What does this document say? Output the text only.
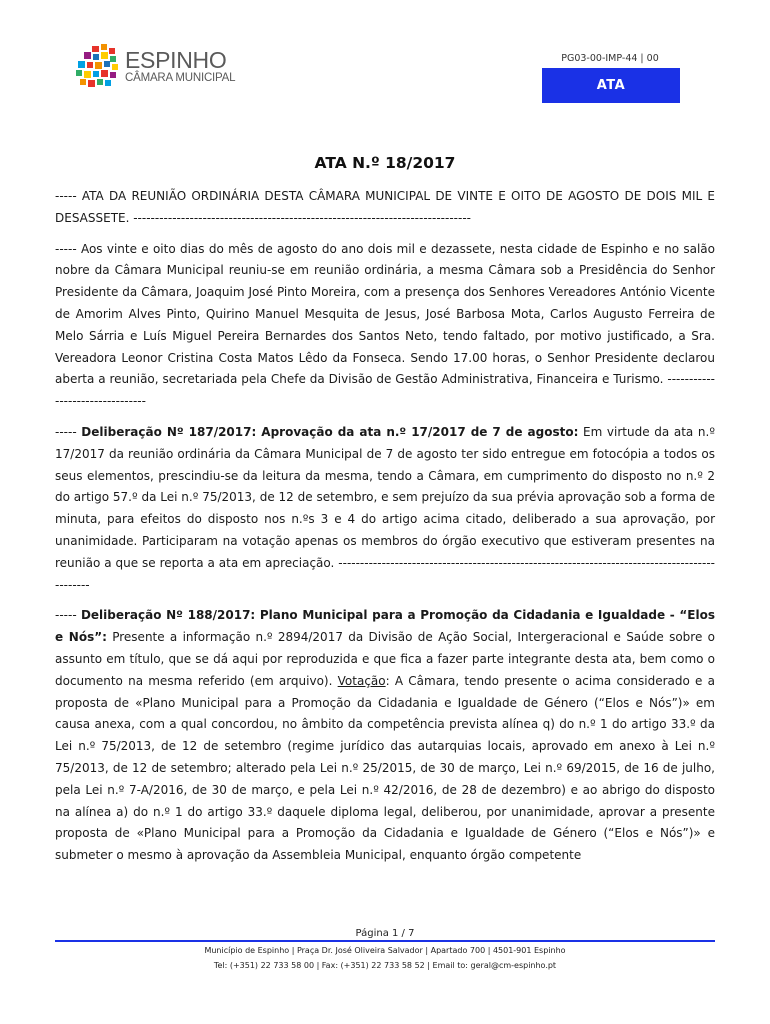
ESPINHO
CÂMARA MUNICIPAL
PG03-00-IMP-44 | 00
ATA
ATA N.º 18/2017

----- ATA DA REUNIÃO ORDINÁRIA DESTA CÂMARA MUNICIPAL DE VINTE E OITO DE AGOSTO DE DOIS MIL E DESASSETE. ------------------------------------------------------------------------------

----- Aos vinte e oito dias do mês de agosto do ano dois mil e dezassete, nesta cidade de Espinho e no salão nobre da Câmara Municipal reuniu-se em reunião ordinária, a mesma Câmara sob a Presidência do Senhor Presidente da Câmara, Joaquim José Pinto Moreira, com a presença dos Senhores Vereadores António Vicente de Amorim Alves Pinto, Quirino Manuel Mesquita de Jesus, José Barbosa Mota, Carlos Augusto Ferreira de Melo Sárria e Luís Miguel Pereira Bernardes dos Santos Neto, tendo faltado, por motivo justificado, a Sra. Vereadora Leonor Cristina Costa Matos Lêdo da Fonseca. Sendo 17.00 horas, o Senhor Presidente declarou aberta a reunião, secretariada pela Chefe da Divisão de Gestão Administrativa, Financeira e Turismo. --------------------------------

----- Deliberação Nº 187/2017: Aprovação da ata n.º 17/2017 de 7 de agosto: Em virtude da ata n.º 17/2017 da reunião ordinária da Câmara Municipal de 7 de agosto ter sido entregue em fotocópia a todos os seus elementos, prescindiu-se da leitura da mesma, tendo a Câmara, em cumprimento do disposto no n.º 2 do artigo 57.º da Lei n.º 75/2013, de 12 de setembro, e sem prejuízo da sua prévia aprovação sob a forma de minuta, para efeitos do disposto nos n.ºs 3 e 4 do artigo acima citado, deliberado a sua aprovação, por unanimidade. Participaram na votação apenas os membros do órgão executivo que estiveram presentes na reunião a que se reporta a ata em apreciação. -----------------------------------------------------------------------------------------------

----- Deliberação Nº 188/2017: Plano Municipal para a Promoção da Cidadania e Igualdade - “Elos e Nós”: Presente a informação n.º 2894/2017 da Divisão de Ação Social, Intergeracional e Saúde sobre o assunto em título, que se dá aqui por reproduzida e que fica a fazer parte integrante desta ata, bem como o documento na mesma referido (em arquivo). Votação: A Câmara, tendo presente o acima considerado e a proposta de «Plano Municipal para a Promoção da Cidadania e Igualdade de Género (“Elos e Nós”)» em causa anexa, com a qual concordou, no âmbito da competência prevista alínea q) do n.º 1 do artigo 33.º da Lei n.º 75/2013, de 12 de setembro (regime jurídico das autarquias locais, aprovado em anexo à Lei n.º 75/2013, de 12 de setembro; alterado pela Lei n.º 25/2015, de 30 de março, Lei n.º 69/2015, de 16 de julho, pela Lei n.º 7-A/2016, de 30 de março, e pela Lei n.º 42/2016, de 28 de dezembro) e ao abrigo do disposto na alínea a) do n.º 1 do artigo 33.º daquele diploma legal, deliberou, por unanimidade, aprovar a presente proposta de «Plano Municipal para a Promoção da Cidadania e Igualdade de Género (“Elos e Nós”)» e submeter o mesmo à aprovação da Assembleia Municipal, enquanto órgão competente

Página 1 / 7
Município de Espinho | Praça Dr. José Oliveira Salvador | Apartado 700 | 4501-901 Espinho
Tel: (+351) 22 733 58 00 | Fax: (+351) 22 733 58 52 | Email to: geral@cm-espinho.pt
